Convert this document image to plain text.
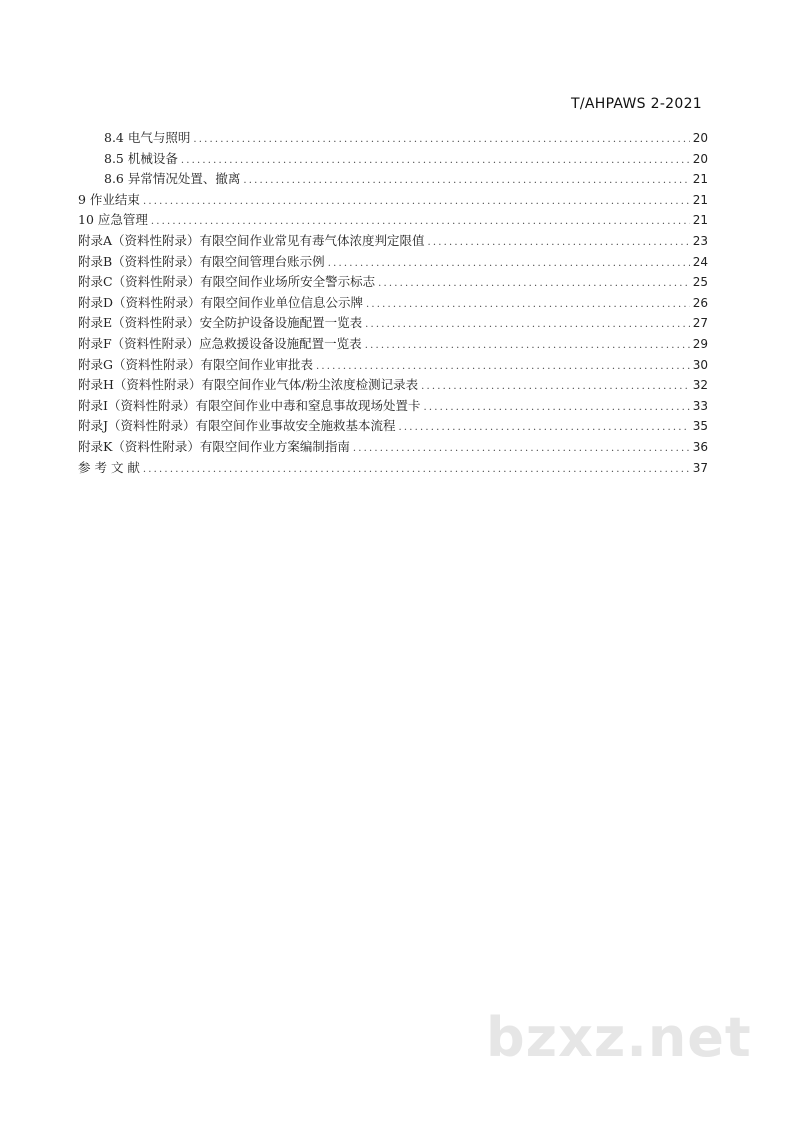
T/AHPAWS 2-2021
8.4 电气与照明 .....	20
8.5 机械设备 .....	20
8.6 异常情况处置、撤离 .....	21
9 作业结束 .....	21
10 应急管理 .....	21
附录A（资料性附录）有限空间作业常见有毒气体浓度判定限值 .....	23
附录B（资料性附录）有限空间管理台账示例 .....	24
附录C（资料性附录）有限空间作业场所安全警示标志 .....	25
附录D（资料性附录）有限空间作业单位信息公示牌 .....	26
附录E（资料性附录）安全防护设备设施配置一览表 .....	27
附录F（资料性附录）应急救援设备设施配置一览表 .....	29
附录G（资料性附录）有限空间作业审批表 .....	30
附录H（资料性附录）有限空间作业气体/粉尘浓度检测记录表 .....	32
附录I（资料性附录）有限空间作业中毒和窒息事故现场处置卡 .....	33
附录J（资料性附录）有限空间作业事故安全施救基本流程 .....	35
附录K（资料性附录）有限空间作业方案编制指南 .....	36
参 考 文 献 .....	37
bzxz.net
